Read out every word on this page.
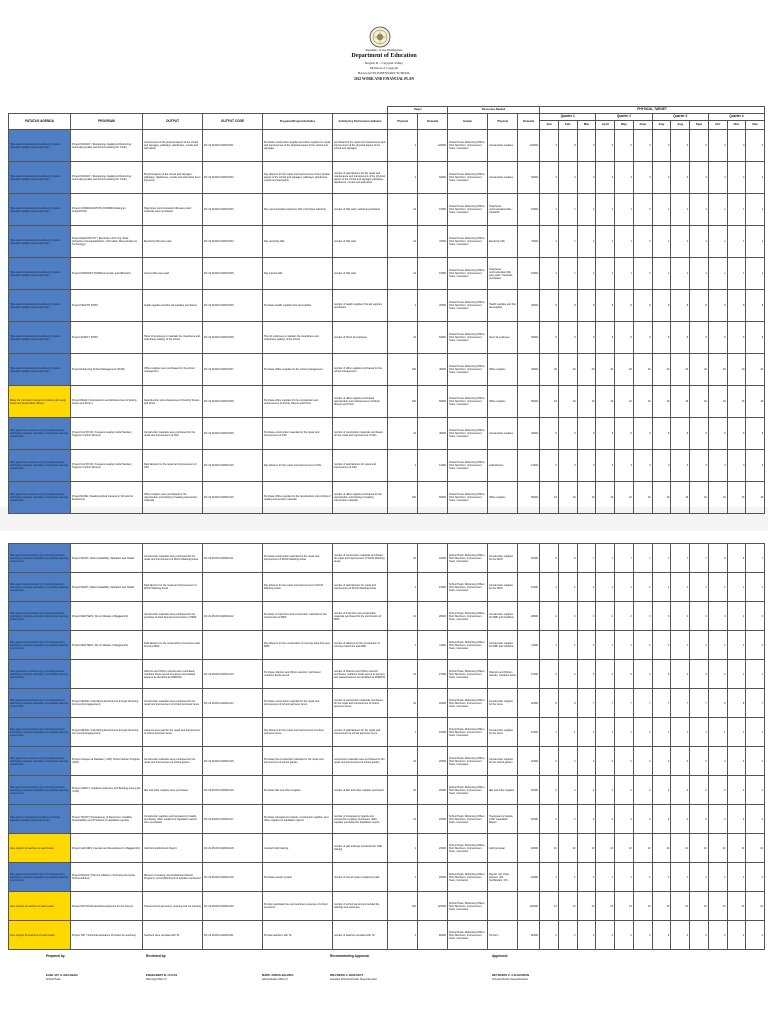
Republic of the Philippines
Department of Education
Region II – Cagayan Valley
Division of Cagayan
BAGGAO ELEMENTARY SCHOOL
2022 WORK AND FINANCIAL PLAN
						Target		Resources Needed			PHYSICAL TARGET											
PATATAG AGENDA	PROGRAM	OUTPUT	OUTPUT CODE	Programs/Projects/Activities	Activity Key Performance Indicator	Physical	Financial	Human	Physical	Financial	Quarter 1			Quarter 2			Quarter 3			Quarter 4		
											Jan	Feb	Mar	April	May	June	July	Aug	Sept	Oct	Nov	Dec
Take steps to accelerate the delivery of basic education facilities and environment	Project DAKDAY ( Developing, Adapting & Reforming, Grounding Quality and Accommodating for Youth)	Improvement of the physical aspect of the school and signages, pathways, plantboxes, murals and wall paints	DC 22-05-DM 102609-001	Purchase construction supplies and other supplies for repair and improvement of the physical aspect of the school and signages	purchased for the repair and maintenance and improvement of the physical aspect of the school and signages	1	122000	School Head, Disbursing Officer, SGC Members, Improvement Team, Canvasser	Construction supplies	122000	3	8	0	0	0	0	0	0	0	0	0	0
Take steps to accelerate the delivery of basic education facilities and environment	Project DAKDAY ( Developing, Adapting & Reforming, Grounding Quality and Accommodating for Youth)	Physical aspect of the school and signages, pathways, plantboxes, murals and wall paints been improved	DC 22-05-DM 102609-002	Pay laborers for the repair and improvement of the physical aspect of the school and signages, pathways, plantboxes, murals and wall paints	number of paid laborers for the repair and maintenance and improvement of the physical aspect of the school and signages pathways, plantboxes, murals and wall paints	1	62000	School Head, Disbursing Officer, SGC Members, Improvement Team, Canvasser	Construction supplies	62000	4	4	4	4	4	4	4	4	4	4	4	4
Take steps to accelerate the delivery of basic education facilities and environment	Project COMMUNICATION (COMMUNicating an IntegrATION)	Telephone/ communication bills were paid / Cellcards were purchased	DC 22-05-DM 102609-003	Pay communication telephone bills / Purchase cellcards	number of bills paid / cellcards purchased	12	15000	School Head, Disbursing Officer, SGC Members, Improvement Team, Canvasser	Telephone/ communication bills / Cellcards	15000	1	1	1	1	1	1	1	1	1	1	1	1
Take steps to accelerate the delivery of basic education facilities and environment	Project ELECTRICITY ( Electricity LACT-ivity Tools, Interactive Conceptualization, Information Dissemination & Technology)	Electricity bills were paid	DC 22-05-DM 102609-004	Pay electricity bills	number of bills paid	12	70000	School Head, Disbursing Officer, SGC Members, Improvement Team, Canvasser	Electricity bills	70000	1	1	1	1	1	1	1	1	1	1	1	1
Take steps to accelerate the delivery of basic education facilities and environment	Project INTERNET (INTERconnection and NETwork)	Internet bills were paid	DC 22-05-DM 102609-005	Pay internet bills	number of bills paid	12	15000	School Head, Disbursing Officer, SGC Members, Improvement Team, Canvasser	Telephone/ communication bills were paid / Cellcards purchased	15000	1	1	1	1	1	1	1	1	1	1	1	1
Take steps to accelerate the delivery of basic education facilities and environment	Project HEALTH FIRST	health supplies and first aid supplies purchased	DC 22-05-DM 102609-006	Purchase health supplies/ first aid supplies	number of health supplies/ first aid supplies purchased	1	20000	School Head, Disbursing Officer, SGC Members, Improvement Team, Canvasser	Health supplies and first aid supplies	20000	8	8	8	8	8	8	8	8	8	8	8	8
Take steps to accelerate the delivery of basic education facilities and environment	Project SAFETY FIRST	Hired 10 employee to maintain the cleanliness and orderliness (safety) of the school	DC 22-05-DM 102609-008	Hire 10 employee to maintain the cleanliness and orderliness (safety) of the school	number of Hired 10 employee	10	54000	School Head, Disbursing Officer, SGC Members, Improvement Team, Canvasser	hired 10 employee	54000	5	5	5	5	5	5	5	5	5	5	5	5
Take steps to accelerate the delivery of basic education facilities and environment	Project Enhancing School Management (STAR)	Office supplies were purchased for the school management	DC 22-05-DM 102609-007	Purchase Office supplies for the school management	number of office supplies purchased for the school management	200	40000	School Head, Disbursing Officer, SGC Members, Improvement Team, Canvasser	Office supplies	40000	20	20	20	20	20	20	20	20	20	20	20	20
Make the curriculum relevant to produce job ready, active and responsible citizens	Project READ ( Reproduction and Enhancement of Activity sheets and Prints )	Reproduction and enhancement of Activity Sheets and Prints	DC 22-05-DM 102609-008	Purchase office supplies for the reproduction and enhancement of Activity Sheets and Prints	number of office supplies purchased reproduction and enhancement of Activity Sheets and Prints	160	50000	School Head, Disbursing Officer, SGC Members, Improvement Team, Canvasser	Office supplies	50000	16	16	16	16	16	16	16	16	16	16	16	16
Take good care of learners by promoting learners well-being, inclusive education, and positive learning environment	Project FLUSH CR ( Frequent Lasting Useful Sanitary Hygienic Comfort Rooms)	Construction materials were purchased for the repair and improvement of CRs	DC 22-05-DM 102609-009	Purchase construction materials for the repair and improvement of CRs	number of construction materials purchased for the repair and improvement of CRs	10	40000	School Head, Disbursing Officer, SGC Members, Improvement Team, Canvasser	Construction supplies	40000	5	5	5	5	5	5	5	5	5	5	5	5
Take good care of learners by promoting learners well-being, inclusive education, and positive learning environment	Project FLUSH CR ( Frequent Lasting Useful Sanitary Hygienic Comfort Rooms)	Paid laborers for the repair and improvement of CRs	DC 22-05-DM 102609-010	Pay laborers for the repair and improvement of CRs	number of paid laborers for repair and improvement of CRs	1	12000	School Head, Disbursing Officer, SGC Members, Improvement Team, Canvasser	paid laborers	12000	0	3	3	3	3	3	3	3	3	3	3	3
Take good care of learners by promoting learners well-being, inclusive education, and positive learning environment	Project RAISE ( Reading Actual Interests in Schools for Excellence)	Office supplies were purchased for the reproduction and printing of reading intervention materials	DC 22-05-DM 102609-010	Purchase Office supplies for the reproduction and printing of reading intervention materials	number of office supplies purchased for the reproduction and printing of reading intervention materials	160	50000	School Head, Disbursing Officer, SGC Members, Improvement Team, Canvasser	Office supplies	50000	16	16	16	16	16	16	16	16	16	16	16	16
Take good care of learners by promoting learners well-being, inclusive education, and positive learning environment	Project WASH ( Water Availability, Sanitation and Health	Construction materials were purchased for the repair and improvement of WinS/ Washing Areas	DC 22-05-DM 102609-011	Purchase construction materials for the repair and improvement of WinS/ Washing Areas	number of construction materials purchased for repair and improvement of WinS/ Washing Areas	10	40000	School Head, Disbursing Officer, SGC Members, Improvement Team, Canvasser	Construction supplies for the WinS	40000	8	8	7	7	7	7	7	7	7	8	8	7
Take good care of learners by promoting learners well-being, inclusive education, and positive learning environment	Project WASH ( Water Availability, Sanitation and Health	Paid laborers for the repair and improvement of WinS/ Washing Areas		Pay laborers for the repair and improvement of WinS/ Washing Areas	number of paid laborers for repair and improvement of WinS/ Washing Areas	1	10000	School Head, Disbursing Officer, SGC Members, Improvement Team, Canvasser	Construction supplies for the WinS	10000	1	1	1	1	1	1	1	1	1	1	1	1
Take good care of learners by promoting learners well-being, inclusive education, and positive learning environment	Project NEW SEIS ( We on Wastes in Baggao ES)	Construction materials were purchased for the purchase of trash bins and construction of MRF	DC 22-05-DM 102609-012	Purchase of trash bins and construction materials for the construction of MRF	number of trash bins and construction materials purchased for the construction of MRF	10	28000	School Head, Disbursing Officer, SGC Members, Improvement Team, Canvasser	Construction supplies for MRF and trashbins	28000	2	3	3	2	2	3	3	2	3	3	2	3
Take good care of learners by promoting learners well-being, inclusive education, and positive learning environment	Project NEW SEIS ( We on Wastes in Baggao ES)	Paid laborers for the construction of concrete trash bins and MRF		Pay laborers for the construction of concrete trash bins and MRF	number of laborers for the construction of concrete trash bins and MRF	1	11000	School Head, Disbursing Officer, SGC Members, Improvement Team, Canvasser	Construction supplies for MRF and trashbins	11000	1	1	1	1	1	1	1	1	1	1	1	1
Take good care of learners by promoting learners well-being, inclusive education, and positive learning environment		Vitamins and Others utensils were purchased, nutritious foods served to learners and wasted learners be identified as PARDOS	DC 22-05-DM 102609-013	Purchase vitamins and Others utensils / purchased nutritious foods served	number of Vitamins and Others utensils purchased, nutritious foods served to learners and wasted learners be identified as PARDOS	10	27000	School Head, Disbursing Officer, SGC Members, Improvement Team, Canvasser	Vitamins and Kitchen utensils, nutritious foods	27000	3	2	3	2	3	2	3	2	3	2	1	1
Take good care of learners by promoting learners well-being, inclusive education, and positive learning environment	Project FENCE ( Flourishing Environment through Nurturing Community Engagement)	Construction materials were purchased for the repair and improvement of school perimeter fence	DC 22-05-DM 102609-014	Purchase construction materials for the repair and improvement of school perimeter fence	number of construction materials purchased for the repair and improvement of school perimeter fence	10	40000	School Head, Disbursing Officer, SGC Members, Improvement Team, Canvasser	Construction supplies for the fence	40000	8	8	7	7	7	7	7	7	7	8	8	7
Take good care of learners by promoting learners well-being, inclusive education, and positive learning environment	Project FENCE ( Flourishing Environment through Nurturing Community Engagement)	Laborers were paid for the repair and improvement of school perimeter fence		Pay laborers for the repair and improvement of school perimeter fence	number of paid laborers for the repair and improvement of school perimeter fence	1	10000	School Head, Disbursing Officer, SGC Members, Improvement Team, Canvasser	Construction supplies for the fence	10000	1	1	1	1	1	1	1	1	1	1	1	1
Take good care of learners by promoting learners well-being, inclusive education, and positive learning environment	Project Gulayan sa Paaralan ( GSP) School Garden Program (SGP)	Construction materials were purchased for the repair and improvement of school garden	DC 22-05-DM 102609-015	Purchase the construction materials for the repair and improvement of school garden	construction materials were purchased for the repair and improvement of school garden	10	20000	School Head, Disbursing Officer, SGC Members, Improvement Team, Canvasser	Construction supplies for the school garden	20000	2	2	2	2	2	2	2	2	2	2	2	2
Take good care of learners by promoting learners well-being, inclusive education, and positive learning environment	Project GABAY ( Guidance Advocacy and Bonding Among the Youth)	IEC and other supplies were purchased	DC 22-05-DM 102609-016	Purchase IEC and other supplies	number of IEC and other supplies purchased	10	20000	School Head, Disbursing Officer, SGC Members, Improvement Team, Canvasser	IEC and other supplies	20000	2	2	2	2	2	2	2	2	2	2	2	2
Take steps to accelerate the delivery of basic education facilities and environment	Project TRUST (Transparency of Resources, Usability, Sustainability and Timeliness of Liquidation reports)	Construction supplies and transparency boards purchased, office supplies for liquidation reports were purchased	DC 22-05-DM 102609-017	Purchase transparency boards, construction supplies, and office supplies for liquidation reports	number of transparency boards and construction supplies purchased, office supplies purchased for liquidation reports	10	20000	School Head, Disbursing Officer, SGC Members, Improvement Team, Canvasser	Transparency boards, COR, Liquidation Report	20000	2	2	2	2	2	2	2	2	2	2	2	2
Give support to teachers to teach better	Project GAD-DRS ( Gender and Development in Baggao ES)	GAD Accomplishment Report	DC 22-05-DM 102609-018	Conduct GAD training	number of gad trainings conducted for GAD training	1	20000	School Head, Disbursing Officer, SGC Members, Improvement Team, Canvasser	GAD proposal	20000	10	10	10	10	10	10	10	10	10	10	10	10
Take good care of learners by promoting learners well-being, inclusive education, and positive learning environment	Project PRAGS ( Parents Initiative in Nurturing the Active School children)	Minutes of meeting, Accomplishment Report, Programs, Accomplishments & activities conducted	DC 22-05-DM 102609-019	Purchase sounds system	number of sound system equipment paid	1	20000	School Head, Disbursing Officer, SGC Members, Improvement Team, Contractor	Payroll, Job Order, pictures, ICS Certification, ICS	20000	1	1	1	1	1	1	1	1	1	1	1	1
Give support to teachers to teach better	Project PDP (Professional Development for the Future)	Trained school personnel, learning and not learning	DC 22-05-DM 102609-020	Provide registration fee and seminars expenses of school personnel	number of school personnel provided the trainings and expenses	150	120000	School Head, Disbursing Officer, SGC Members, Improvement Team, Canvasser		120000	13	13	13	13	13	13	13	13	13	13	13	13
Give support for teachers to teach better	Project TAP ( Technical Assistance Provision for teachers)	Teachers were provided with TA	DC 22-05-DM 102609-021	Provide teachers with TA	number of teachers provided with TA	1	80000	School Head, Disbursing Officer, SGC Members, Improvement Team, Canvasser	TA Form	80000	2	2	2	2	2	2	2	2	2	2	2	2
Prepared by:
EARL-VIC S. MALABAN
School Head
Reviewed by:
ENGELBERT B. LUCAS
Planning Officer III

MARC JONAS BALDEO
Administrative Officer V
Recommending Approval:
WILFREDO C. BURASOT
Assistant Schools Division Superintendent
Approved:
REYNANTE Z. CALIGUIRAN
Schools Division Superintendent
